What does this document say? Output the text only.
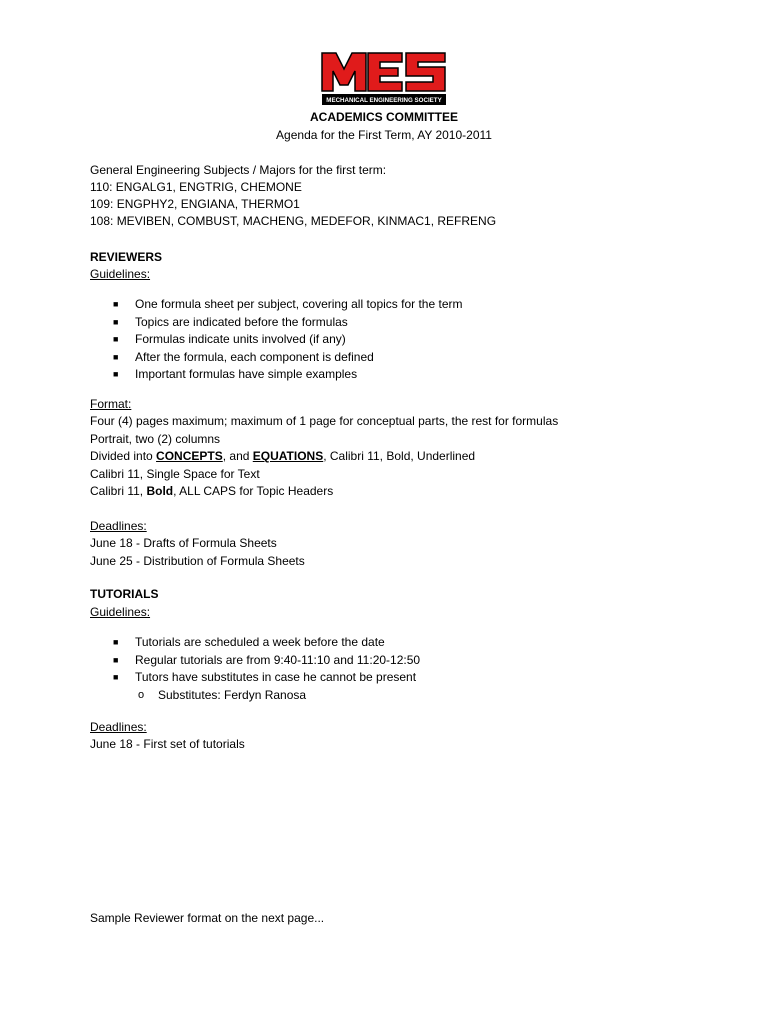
MECHANICAL ENGINEERING SOCIETY
ACADEMICS COMMITTEE
Agenda for the First Term, AY 2010-2011
General Engineering Subjects / Majors for the first term:
110: ENGALG1, ENGTRIG, CHEMONE
109: ENGPHY2, ENGIANA, THERMO1
108: MEVIBEN, COMBUST, MACHENG, MEDEFOR, KINMAC1, REFRENG
REVIEWERS
Guidelines:
■ One formula sheet per subject, covering all topics for the term
■ Topics are indicated before the formulas
■ Formulas indicate units involved (if any)
■ After the formula, each component is defined
■ Important formulas have simple examples
Format:
Four (4) pages maximum; maximum of 1 page for conceptual parts, the rest for formulas
Portrait, two (2) columns
Divided into CONCEPTS, and EQUATIONS, Calibri 11, Bold, Underlined
Calibri 11, Single Space for Text
Calibri 11, Bold, ALL CAPS for Topic Headers
Deadlines:
June 18 - Drafts of Formula Sheets
June 25 - Distribution of Formula Sheets
TUTORIALS
Guidelines:
■ Tutorials are scheduled a week before the date
■ Regular tutorials are from 9:40-11:10 and 11:20-12:50
■ Tutors have substitutes in case he cannot be present
o Substitutes: Ferdyn Ranosa
Deadlines:
June 18 - First set of tutorials
Sample Reviewer format on the next page...
